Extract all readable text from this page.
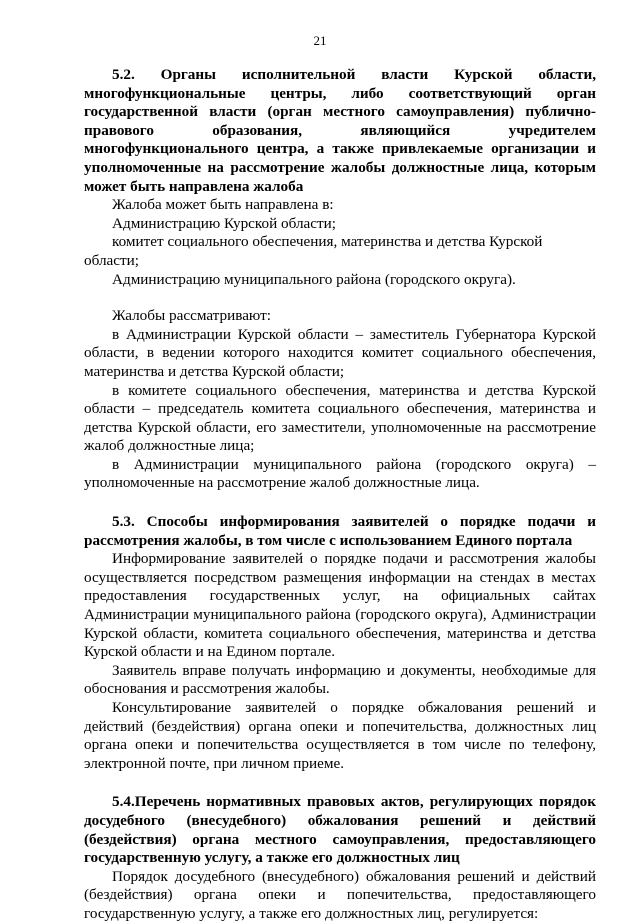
21

5.2. Органы исполнительной власти Курской области, многофункциональные центры, либо соответствующий орган государственной власти (орган местного самоуправления) публично-правового образования, являющийся учредителем многофункционального центра, а также привлекаемые организации и уполномоченные на рассмотрение жалобы должностные лица, которым может быть направлена жалоба

Жалоба может быть направлена в:

Администрацию Курской области;

комитет социального обеспечения, материнства и детства Курской области;

Администрацию муниципального района (городского округа).

Жалобы рассматривают:

в Администрации Курской области – заместитель Губернатора Курской области, в ведении которого находится комитет социального обеспечения, материнства и детства Курской области;

в комитете социального обеспечения, материнства и детства Курской области – председатель комитета социального обеспечения, материнства и детства Курской области, его заместители, уполномоченные на рассмотрение жалоб должностные лица;

в Администрации муниципального района (городского округа) – уполномоченные на рассмотрение жалоб должностные лица.

5.3. Способы информирования заявителей о порядке подачи и рассмотрения жалобы, в том числе с использованием Единого портала

Информирование заявителей о порядке подачи и рассмотрения жалобы осуществляется посредством размещения информации на стендах в местах предоставления государственных услуг, на официальных сайтах Администрации муниципального района (городского округа), Администрации Курской области, комитета социального обеспечения, материнства и детства Курской области и на Едином портале.

Заявитель вправе получать информацию и документы, необходимые для обоснования и рассмотрения жалобы.

Консультирование заявителей о порядке обжалования решений и действий (бездействия) органа опеки и попечительства, должностных лиц органа опеки и попечительства осуществляется в том числе по телефону, электронной почте, при личном приеме.

5.4.Перечень нормативных правовых актов, регулирующих порядок досудебного (внесудебного) обжалования решений и действий (бездействия) органа местного самоуправления, предоставляющего государственную услугу, а также его должностных лиц

Порядок досудебного (внесудебного) обжалования решений и действий (бездействия) органа опеки и попечительства, предоставляющего государственную услугу, а также его должностных лиц, регулируется:
